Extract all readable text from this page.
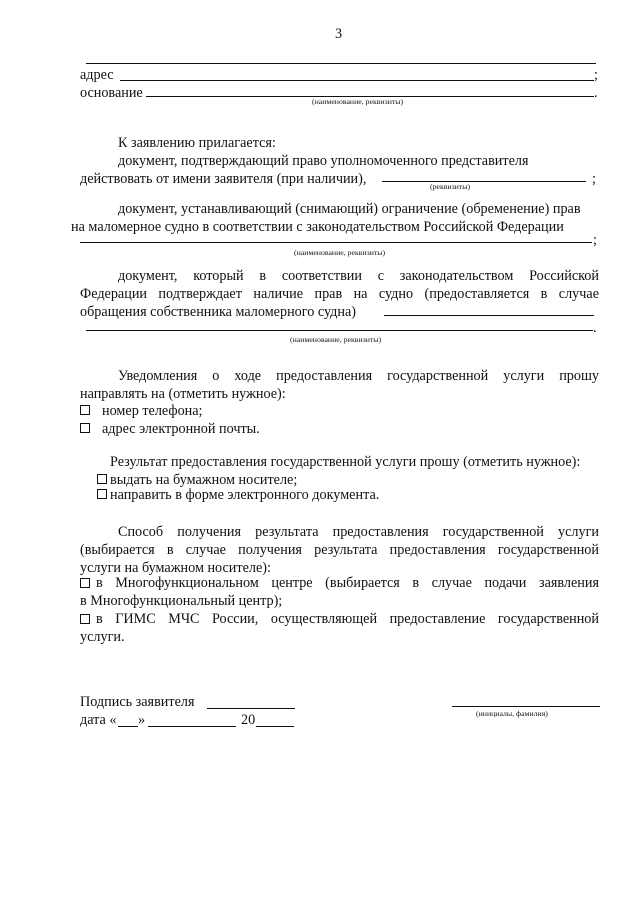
3
адрес	;
основание	.
(наименование, реквизиты)
К заявлению прилагается:
документ, подтверждающий право уполномоченного представителя
действовать от имени заявителя (при наличии),	;
(реквизиты)
документ, устанавливающий (снимающий) ограничение (обременение) прав
на маломерное судно в соответствии с законодательством Российской Федерации
;
(наименование, реквизиты)
документ, который в соответствии с законодательством Российской
Федерации подтверждает наличие прав на судно (предоставляется в случае
обращения собственника маломерного судна)
.
(наименование, реквизиты)
Уведомления о ходе предоставления государственной услуги прошу
направлять на (отметить нужное):
номер телефона;
адрес электронной почты.
Результат предоставления государственной услуги прошу (отметить нужное):
выдать на бумажном носителе;
направить в форме электронного документа.
Способ получения результата предоставления государственной услуги
(выбирается в случае получения результата предоставления государственной
услуги на бумажном носителе):
в Многофункциональном центре (выбирается в случае подачи заявления
в Многофункциональный центр);
в ГИМС МЧС России, осуществляющей предоставление государственной
услуги.
Подпись заявителя
(инициалы, фамилия)
дата « »	20
